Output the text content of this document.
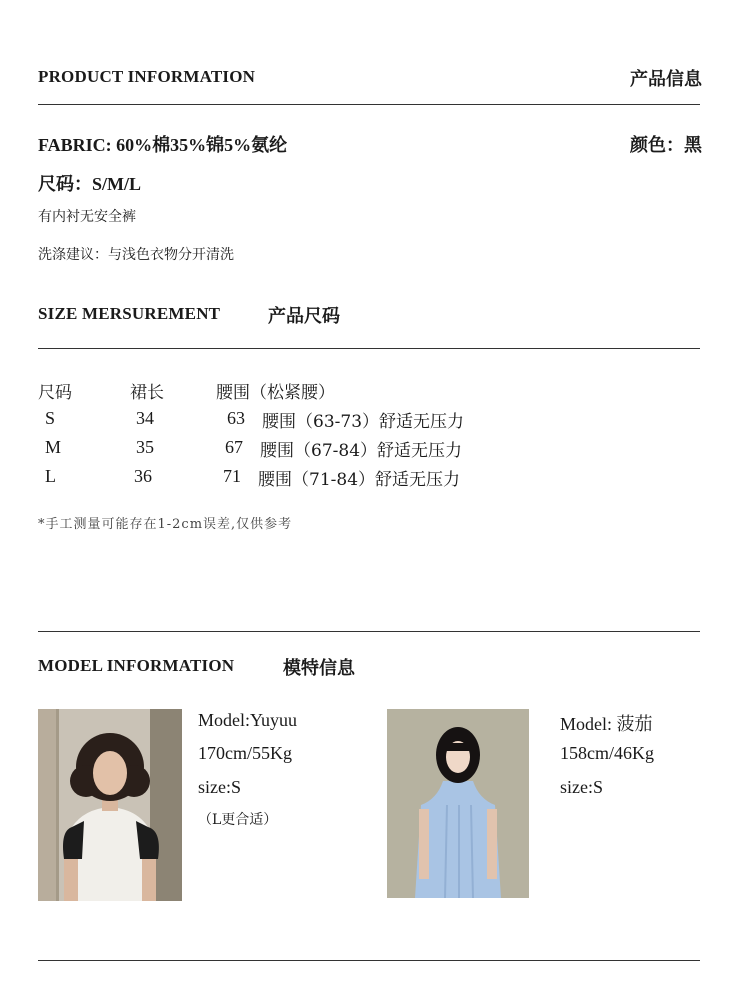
PRODUCT INFORMATION	产品信息
FABRIC: 60%棉35%锦5%氨纶	颜色：黑
尺码：S/M/L
有内衬无安全裤
洗涤建议：与浅色衣物分开清洗
SIZE MERSUREMENT	产品尺码
尺码	裙长	腰围（松紧腰）
S	34	63 腰围（63-73）舒适无压力
M	35	67 腰围（67-84）舒适无压力
L	36	71 腰围（71-84）舒适无压力
*手工测量可能存在1-2cm误差,仅供参考
MODEL INFORMATION	模特信息
Model:Yuyuu
170cm/55Kg
size:S
（L更合适）
Model: 菠茄
158cm/46Kg
size:S
